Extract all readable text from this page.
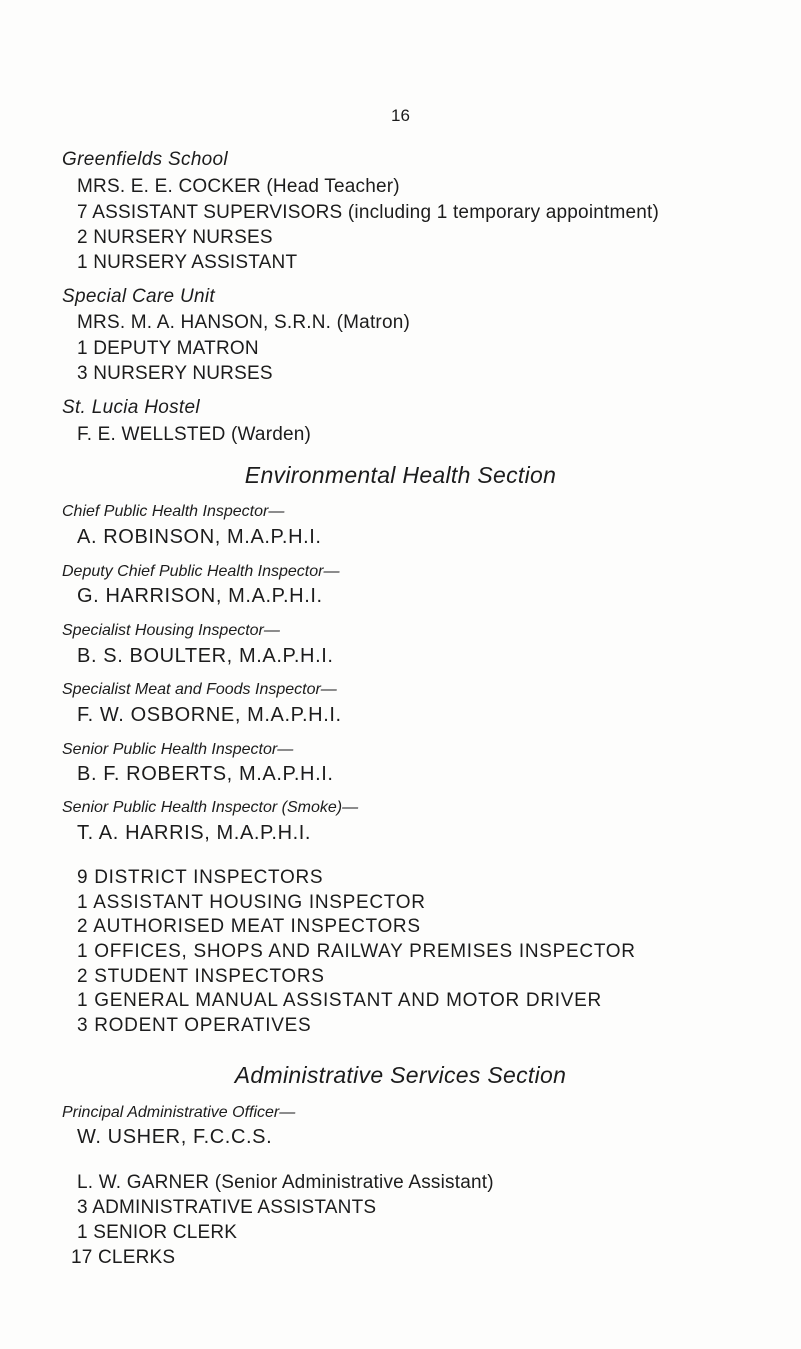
16
Greenfields School
MRS. E. E. COCKER (Head Teacher)
7 ASSISTANT SUPERVISORS (including 1 temporary appointment)
2 NURSERY NURSES
1 NURSERY ASSISTANT
Special Care Unit
MRS. M. A. HANSON, S.R.N. (Matron)
1 DEPUTY MATRON
3 NURSERY NURSES
St. Lucia Hostel
F. E. WELLSTED (Warden)
Environmental Health Section
Chief Public Health Inspector—
A. ROBINSON, M.A.P.H.I.
Deputy Chief Public Health Inspector—
G. HARRISON, M.A.P.H.I.
Specialist Housing Inspector—
B. S. BOULTER, M.A.P.H.I.
Specialist Meat and Foods Inspector—
F. W. OSBORNE, M.A.P.H.I.
Senior Public Health Inspector—
B. F. ROBERTS, M.A.P.H.I.
Senior Public Health Inspector (Smoke)—
T. A. HARRIS, M.A.P.H.I.
9 DISTRICT INSPECTORS
1 ASSISTANT HOUSING INSPECTOR
2 AUTHORISED MEAT INSPECTORS
1 OFFICES, SHOPS AND RAILWAY PREMISES INSPECTOR
2 STUDENT INSPECTORS
1 GENERAL MANUAL ASSISTANT AND MOTOR DRIVER
3 RODENT OPERATIVES
Administrative Services Section
Principal Administrative Officer—
W. USHER, F.C.C.S.
L. W. GARNER (Senior Administrative Assistant)
3 ADMINISTRATIVE ASSISTANTS
1 SENIOR CLERK
17 CLERKS
